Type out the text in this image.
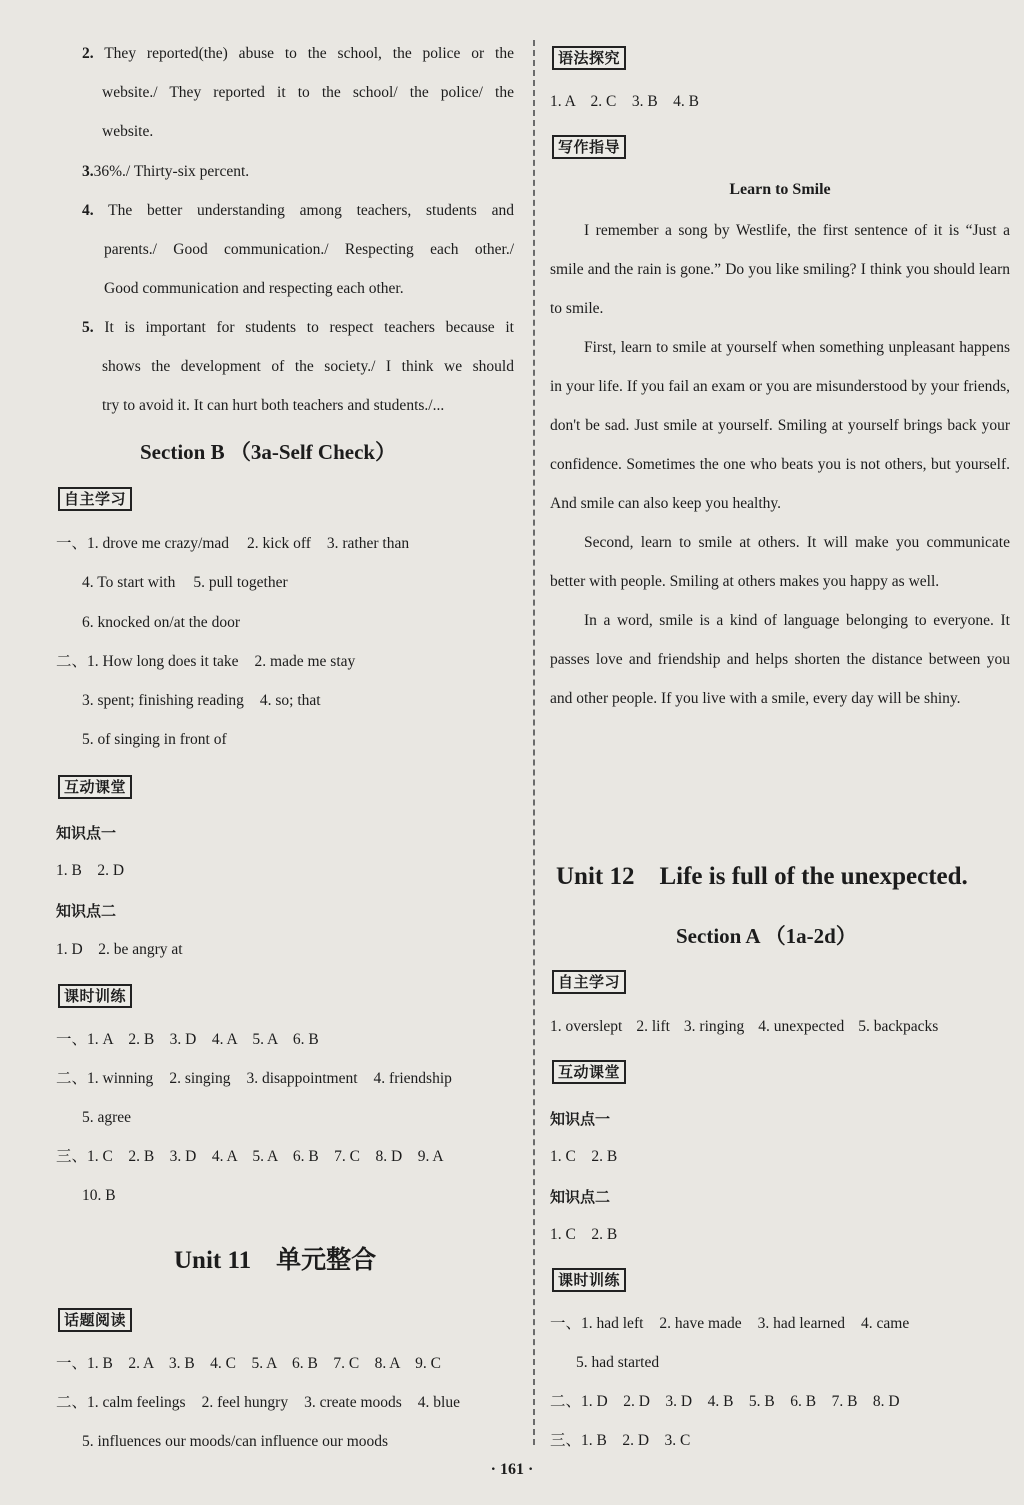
2. They reported(the) abuse to the school, the police or the
website./ They reported it to the school/ the police/ the
website.
3.36%./ Thirty-six percent.
4. The better understanding among teachers, students and
parents./ Good communication./ Respecting each other./
Good communication and respecting each other.
5. It is important for students to respect teachers because it
shows the development of the society./ I think we should
try to avoid it. It can hurt both teachers and students./...
Section B （3a-Self Check）
自主学习
一、1. drove me crazy/mad 2. kick off 3. rather than
4. To start with 5. pull together
6. knocked on/at the door
二、1. How long does it take 2. made me stay
3. spent; finishing reading 4. so; that
5. of singing in front of
互动课堂
知识点一
1. B　2. D
知识点二
1. D　2. be angry at
课时训练
一、1. A　2. B　3. D　4. A　5. A　6. B
二、1. winning 2. singing 3. disappointment 4. friendship
5. agree
三、1. C　2. B　3. D　4. A　5. A　6. B　7. C　8. D　9. A
10. B
Unit 11　单元整合
话题阅读
一、1. B　2. A　3. B　4. C　5. A　6. B　7. C　8. A　9. C
二、1. calm feelings 2. feel hungry 3. create moods 4. blue
5. influences our moods/can influence our moods
语法探究
1. A　2. C　3. B　4. B
写作指导
Learn to Smile
I remember a song by Westlife, the first sentence of it is “Just a smile and the rain is gone.” Do you like smiling? I think you should learn to smile.
First, learn to smile at yourself when something unpleasant happens in your life. If you fail an exam or you are misunderstood by your friends, don't be sad. Just smile at yourself. Smiling at yourself brings back your confidence. Sometimes the one who beats you is not others, but yourself. And smile can also keep you healthy.
Second, learn to smile at others. It will make you communicate better with people. Smiling at others makes you happy as well.
In a word, smile is a kind of language belonging to everyone. It passes love and friendship and helps shorten the distance between you and other people. If you live with a smile, every day will be shiny.
Unit 12　Life is full of the unexpected.
Section A （1a-2d）
自主学习
1. overslept 2. lift 3. ringing 4. unexpected 5. backpacks
互动课堂
知识点一
1. C　2. B
知识点二
1. C　2. B
课时训练
一、1. had left 2. have made 3. had learned 4. came
5. had started
二、1. D　2. D　3. D　4. B　5. B　6. B　7. B　8. D
三、1. B　2. D　3. C
· 161 ·
